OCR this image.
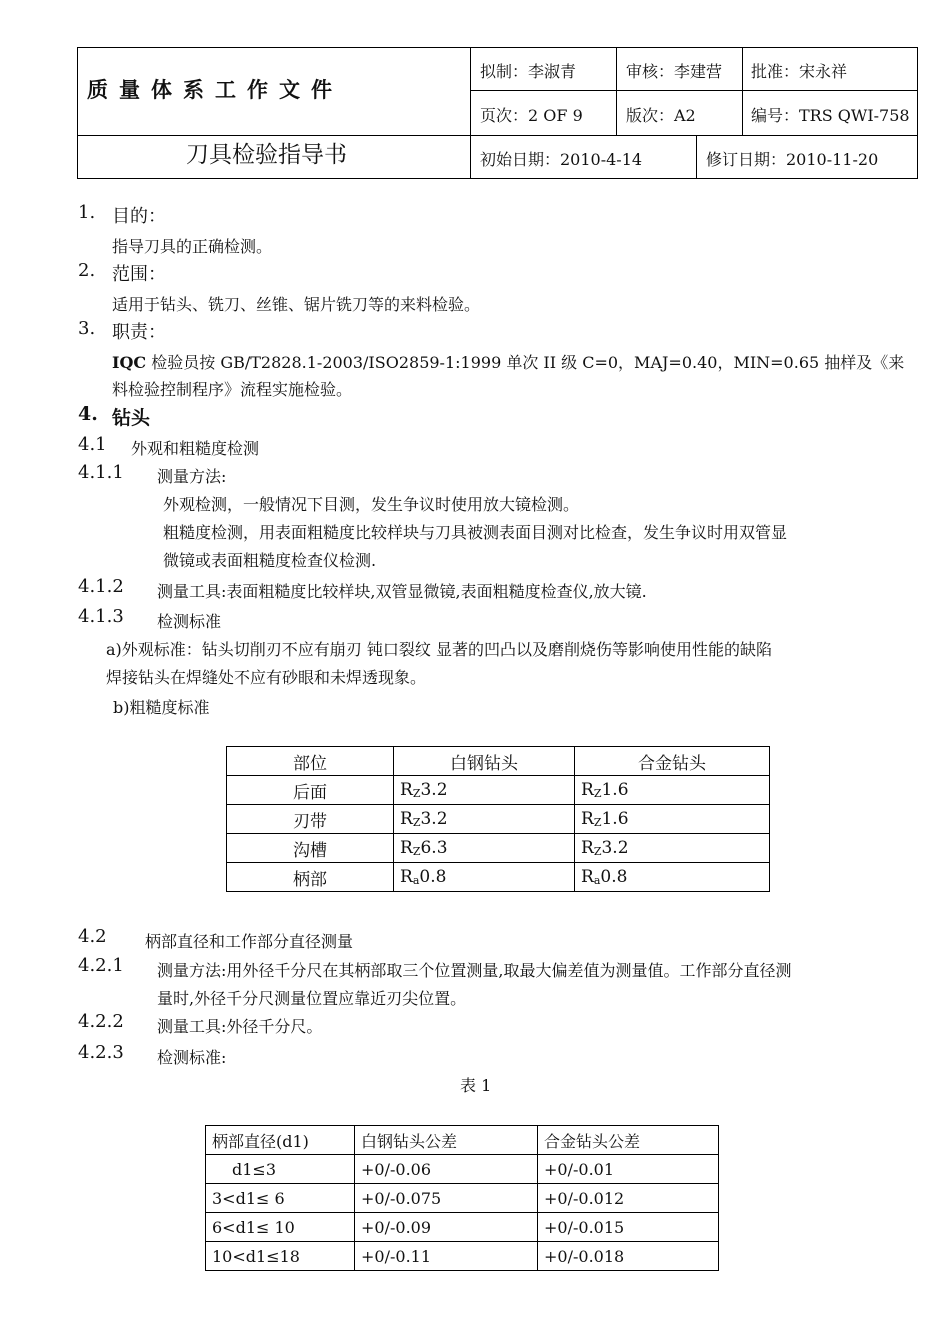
质量体系工作文件
刀具检验指导书
拟制：李淑青	审核：李建营 批准：宋永祥
页次：2 OF 9	版次：A2	编号：TRS QWI-758
初始日期：2010-4-14	修订日期：2010-11-20
1. 目的：
指导刀具的正确检测。
2. 范围：
适用于钻头、铣刀、丝锥、锯片铣刀等的来料检验。
3. 职责：
IQC 检验员按 GB/T2828.1-2003/ISO2859-1:1999 单次 II 级 C=0，MAJ=0.40，MIN=0.65 抽样及《来
料检验控制程序》流程实施检验。
4. 钻头
4.1 外观和粗糙度检测
4.1.1 测量方法:
外观检测，一般情况下目测，发生争议时使用放大镜检测。
粗糙度检测，用表面粗糙度比较样块与刀具被测表面目测对比检查，发生争议时用双管显
微镜或表面粗糙度检查仪检测.
4.1.2 测量工具:表面粗糙度比较样块,双管显微镜,表面粗糙度检查仪,放大镜.
4.1.3 检测标准
a)外观标准：钻头切削刃不应有崩刃 钝口裂纹 显著的凹凸以及磨削烧伤等影响使用性能的缺陷
焊接钻头在焊缝处不应有砂眼和未焊透现象。
b)粗糙度标准
部位	白钢钻头	合金钻头
后面	$R_Z3.2$	$R_Z1.6$
刃带	$R_Z3.2$	$R_Z1.6$
沟槽	$R_Z6.3$	$R_Z3.2$
柄部	$R_a0.8$	$R_a0.8$
4.2 柄部直径和工作部分直径测量
4.2.1 测量方法:用外径千分尺在其柄部取三个位置测量,取最大偏差值为测量值。工作部分直径测
量时,外径千分尺测量位置应靠近刃尖位置。
4.2.2 测量工具:外径千分尺。
4.2.3 检测标准:
表 1
柄部直径(d1)	白钢钻头公差	合金钻头公差
d1≤3	+0/-0.06	+0/-0.01
3<d1≤ 6	+0/-0.075	+0/-0.012
6<d1≤ 10	+0/-0.09	+0/-0.015
10<d1≤18	+0/-0.11	+0/-0.018
